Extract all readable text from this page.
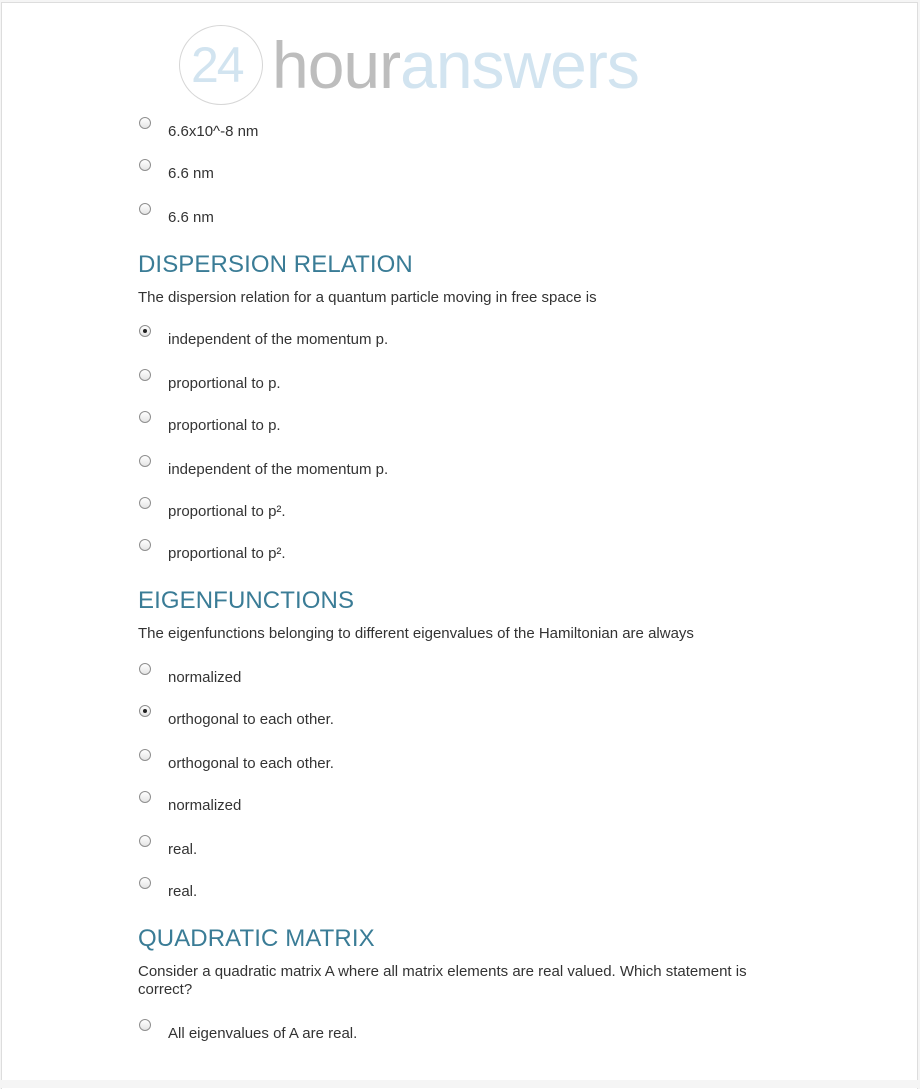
24 houranswers
6.6x10^-8 nm
6.6 nm
6.6 nm
DISPERSION RELATION
The dispersion relation for a quantum particle moving in free space is
independent of the momentum p.
proportional to p.
proportional to p.
independent of the momentum p.
proportional to p².
proportional to p².
EIGENFUNCTIONS
The eigenfunctions belonging to different eigenvalues of the Hamiltonian are always
normalized
orthogonal to each other.
orthogonal to each other.
normalized
real.
real.
QUADRATIC MATRIX
Consider a quadratic matrix A where all matrix elements are real valued. Which statement is correct?
All eigenvalues of A are real.
